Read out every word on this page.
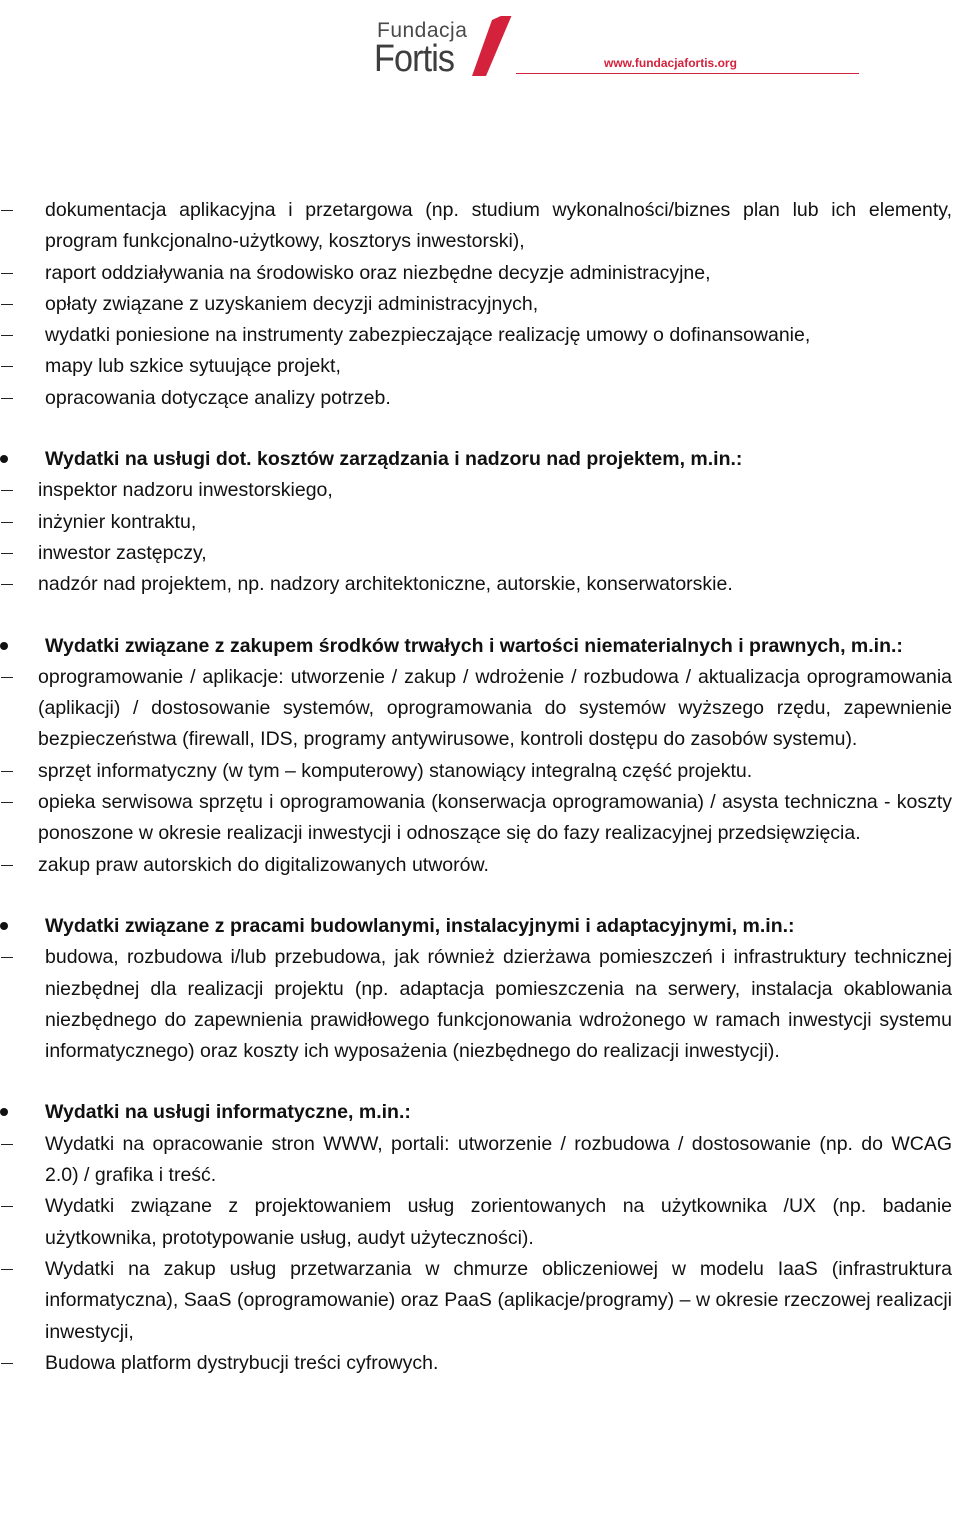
Fundacja
Fortis	www.fundacjafortis.org
dokumentacja aplikacyjna i przetargowa (np. studium wykonalności/biznes plan lub ich elementy, program funkcjonalno-użytkowy, kosztorys inwestorski),
raport oddziaływania na środowisko oraz niezbędne decyzje administracyjne,
opłaty związane z uzyskaniem decyzji administracyjnych,
wydatki poniesione na instrumenty zabezpieczające realizację umowy o dofinansowanie,
mapy lub szkice sytuujące projekt,
opracowania dotyczące analizy potrzeb.
Wydatki na usługi dot. kosztów zarządzania i nadzoru nad projektem, m.in.:
inspektor nadzoru inwestorskiego,
inżynier kontraktu,
inwestor zastępczy,
nadzór nad projektem, np. nadzory architektoniczne, autorskie, konserwatorskie.
Wydatki związane z zakupem środków trwałych i wartości niematerialnych i prawnych, m.in.:
oprogramowanie / aplikacje: utworzenie / zakup / wdrożenie / rozbudowa / aktualizacja oprogramowania (aplikacji) / dostosowanie systemów, oprogramowania do systemów wyższego rzędu, zapewnienie bezpieczeństwa (firewall, IDS, programy antywirusowe, kontroli dostępu do zasobów systemu).
sprzęt informatyczny (w tym – komputerowy) stanowiący integralną część projektu.
opieka serwisowa sprzętu i oprogramowania (konserwacja oprogramowania) / asysta techniczna - koszty ponoszone w okresie realizacji inwestycji i odnoszące się do fazy realizacyjnej przedsięwzięcia.
zakup praw autorskich do digitalizowanych utworów.
Wydatki związane z pracami budowlanymi, instalacyjnymi i adaptacyjnymi, m.in.:
budowa, rozbudowa i/lub przebudowa, jak również dzierżawa pomieszczeń i infrastruktury technicznej niezbędnej dla realizacji projektu (np. adaptacja pomieszczenia na serwery, instalacja okablowania niezbędnego do zapewnienia prawidłowego funkcjonowania wdrożonego w ramach inwestycji systemu informatycznego) oraz koszty ich wyposażenia (niezbędnego do realizacji inwestycji).
Wydatki na usługi informatyczne, m.in.:
Wydatki na opracowanie stron WWW, portali: utworzenie / rozbudowa / dostosowanie (np. do WCAG 2.0) / grafika i treść.
Wydatki związane z projektowaniem usług zorientowanych na użytkownika /UX (np. badanie użytkownika, prototypowanie usług, audyt użyteczności).
Wydatki na zakup usług przetwarzania w chmurze obliczeniowej w modelu IaaS (infrastruktura informatyczna), SaaS (oprogramowanie) oraz PaaS (aplikacje/programy) – w okresie rzeczowej realizacji inwestycji,
Budowa platform dystrybucji treści cyfrowych.
